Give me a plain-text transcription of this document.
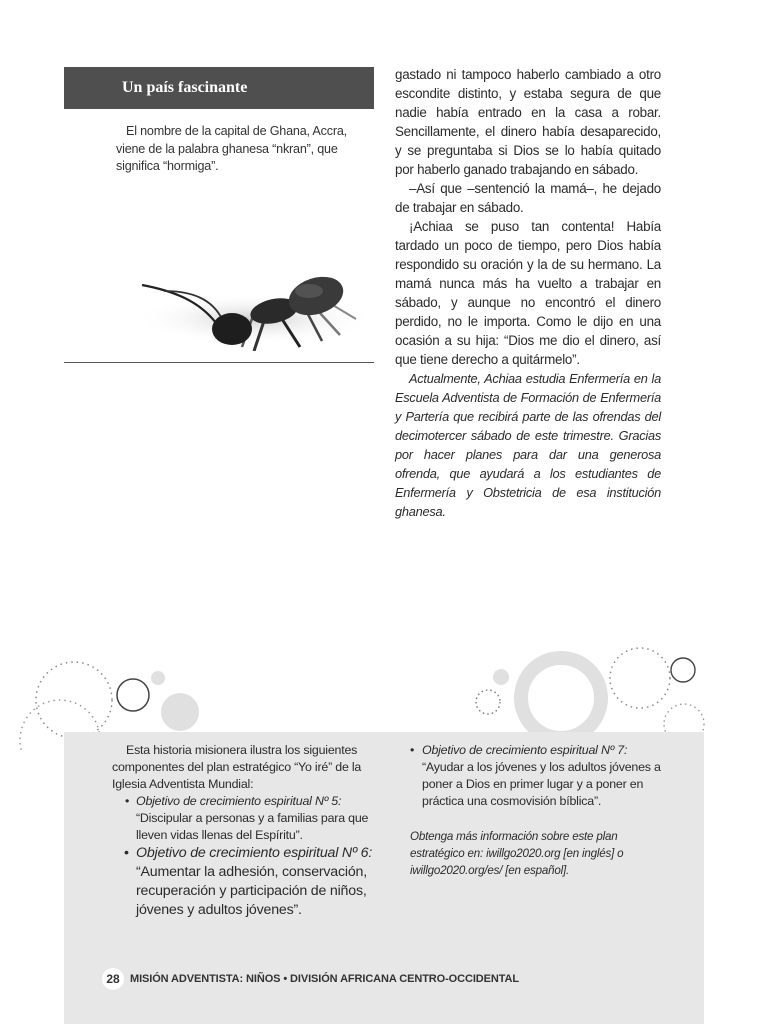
Un país fascinante
El nombre de la capital de Ghana, Accra, viene de la palabra ghanesa “nkran”, que significa “hormiga”.

gastado ni tampoco haberlo cambiado a otro escondite distinto, y estaba segura de que nadie había entrado en la casa a robar. Sencillamente, el dinero había desaparecido, y se preguntaba si Dios se lo había quitado por haberlo ganado trabajando en sábado.

–Así que –sentenció la mamá–, he dejado de trabajar en sábado.

¡Achiaa se puso tan contenta! Había tardado un poco de tiempo, pero Dios había respondido su oración y la de su hermano. La mamá nunca más ha vuelto a trabajar en sábado, y aunque no encontró el dinero perdido, no le importa. Como le dijo en una ocasión a su hija: “Dios me dio el dinero, así que tiene derecho a quitármelo”.

Actualmente, Achiaa estudia Enfermería en la Escuela Adventista de Formación de Enfermería y Partería que recibirá parte de las ofrendas del decimotercer sábado de este trimestre. Gracias por hacer planes para dar una generosa ofrenda, que ayudará a los estudiantes de Enfermería y Obstetricia de esa institución ghanesa.

Esta historia misionera ilustra los siguientes componentes del plan estratégico “Yo iré” de la Iglesia Adventista Mundial:

• Objetivo de crecimiento espiritual Nº 5: “Discipular a personas y a familias para que lleven vidas llenas del Espíritu”.
• Objetivo de crecimiento espiritual Nº 6: “Aumentar la adhesión, conservación, recuperación y participación de niños, jóvenes y adultos jóvenes”.
• Objetivo de crecimiento espiritual Nº 7: “Ayudar a los jóvenes y los adultos jóvenes a poner a Dios en primer lugar y a poner en práctica una cosmovisión bíblica”.

Obtenga más información sobre este plan estratégico en: iwillgo2020.org [en inglés] o iwillgo2020.org/es/ [en español].

28 MISIÓN ADVENTISTA: NIÑOS • DIVISIÓN AFRICANA CENTRO-OCCIDENTAL
